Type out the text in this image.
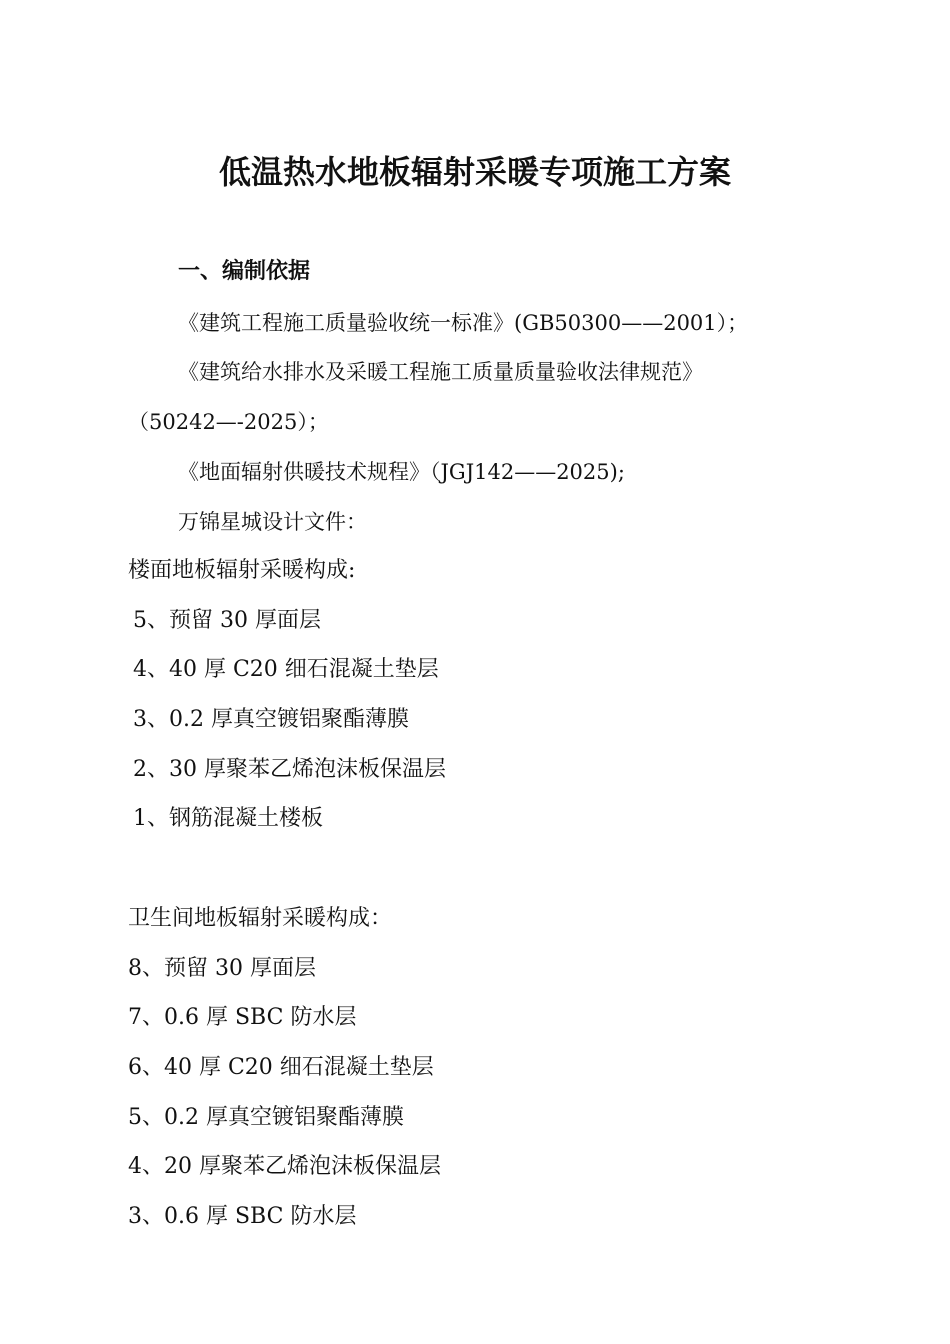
低温热水地板辐射采暖专项施工方案
一、编制依据
《建筑工程施工质量验收统一标准》(GB50300——2001）；
《建筑给水排水及采暖工程施工质量质量验收法律规范》
（50242—-2025）；
《地面辐射供暖技术规程》（JGJ142——2025);
万锦星城设计文件：
楼面地板辐射采暖构成:
5、预留 30 厚面层
4、40 厚 C20 细石混凝土垫层
3、0.2 厚真空镀铝聚酯薄膜
2、30 厚聚苯乙烯泡沫板保温层
1、钢筋混凝土楼板
卫生间地板辐射采暖构成：
8、预留 30 厚面层
7、0.6 厚 SBC 防水层
6、40 厚 C20 细石混凝土垫层
5、0.2 厚真空镀铝聚酯薄膜
4、20 厚聚苯乙烯泡沫板保温层
3、0.6 厚 SBC 防水层
